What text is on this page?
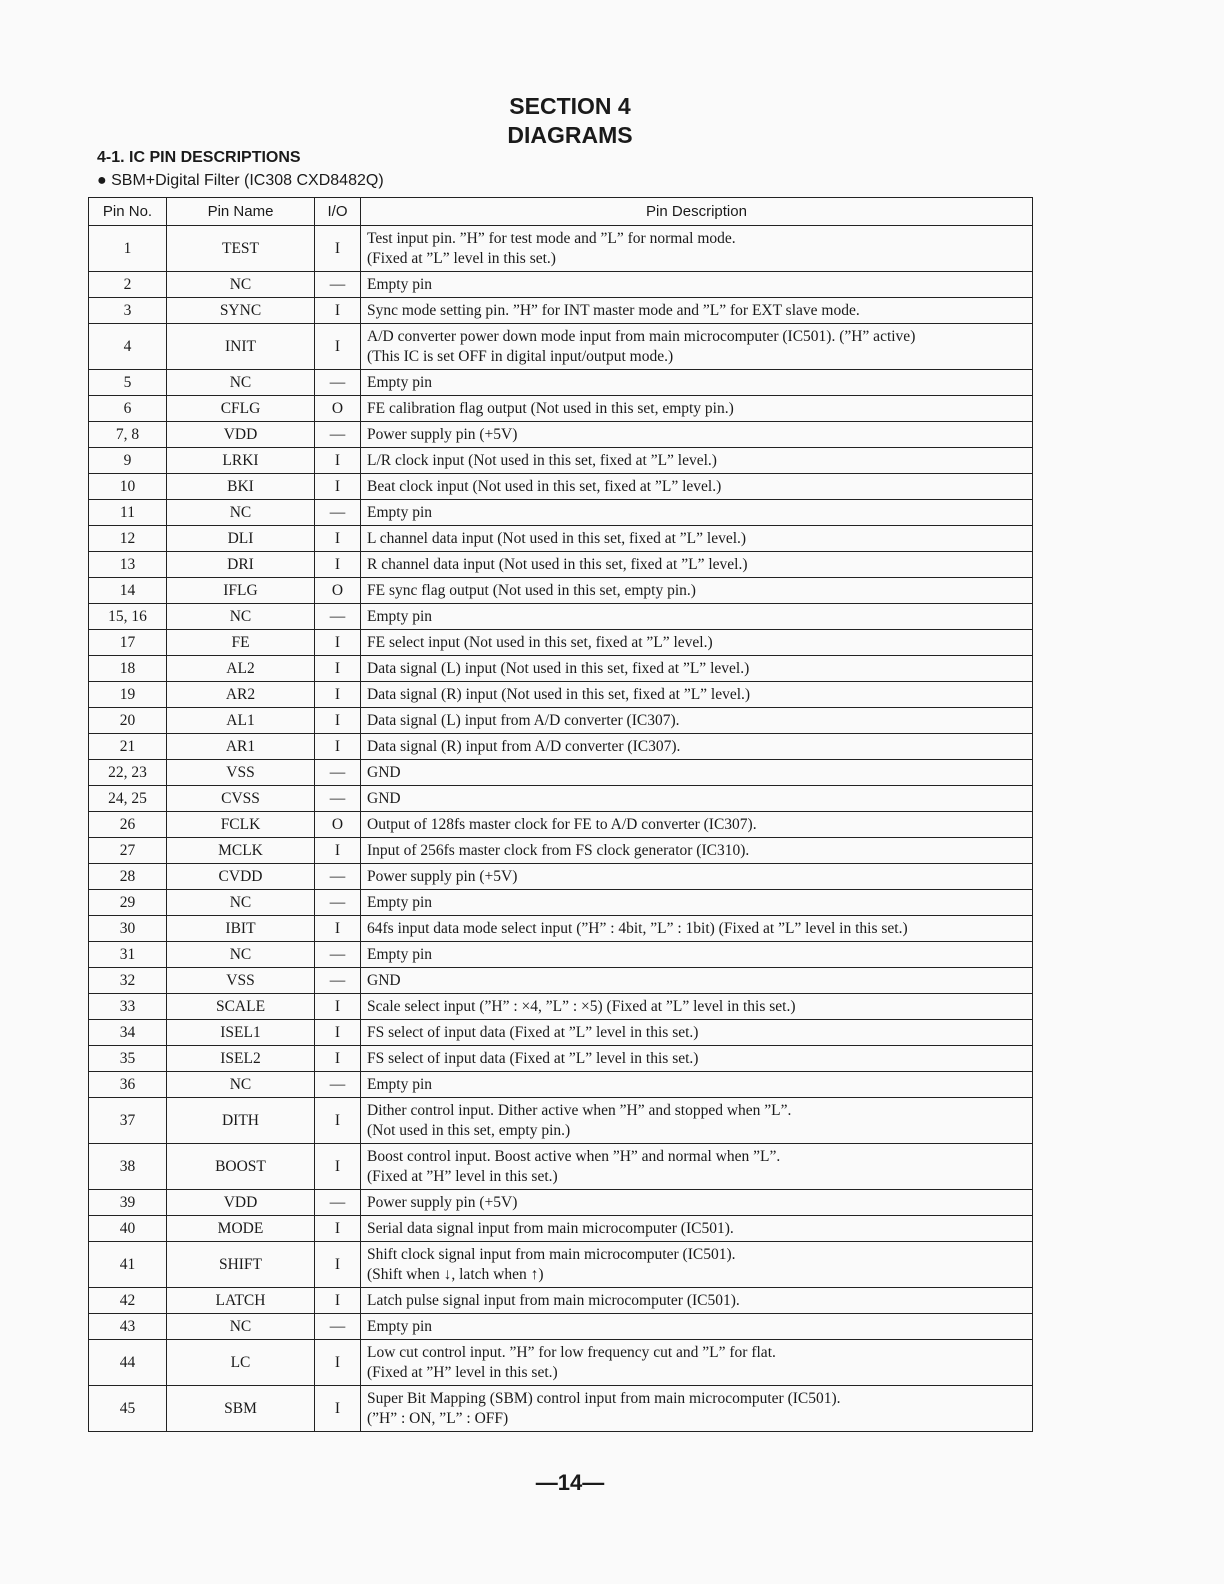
SECTION 4
DIAGRAMS
4-1. IC PIN DESCRIPTIONS
● SBM+Digital Filter (IC308 CXD8482Q)
Pin No.	Pin Name	I/O	Pin Description
1	TEST	I	Test input pin. ”H” for test mode and ”L” for normal mode.
(Fixed at ”L” level in this set.)

2	NC	—	Empty pin

3	SYNC	I	Sync mode setting pin. ”H” for INT master mode and ”L” for EXT slave mode.

4	INIT	I	A/D converter power down mode input from main microcomputer (IC501). (”H” active)
(This IC is set OFF in digital input/output mode.)

5	NC	—	Empty pin

6	CFLG	O	FE calibration flag output (Not used in this set, empty pin.)

7, 8	VDD	—	Power supply pin (+5V)

9	LRKI	I	L/R clock input (Not used in this set, fixed at ”L” level.)

10	BKI	I	Beat clock input (Not used in this set, fixed at ”L” level.)

11	NC	—	Empty pin

12	DLI	I	L channel data input (Not used in this set, fixed at ”L” level.)

13	DRI	I	R channel data input (Not used in this set, fixed at ”L” level.)

14	IFLG	O	FE sync flag output (Not used in this set, empty pin.)

15, 16	NC	—	Empty pin

17	FE	I	FE select input (Not used in this set, fixed at ”L” level.)

18	AL2	I	Data signal (L) input (Not used in this set, fixed at ”L” level.)

19	AR2	I	Data signal (R) input (Not used in this set, fixed at ”L” level.)

20	AL1	I	Data signal (L) input from A/D converter (IC307).

21	AR1	I	Data signal (R) input from A/D converter (IC307).

22, 23	VSS	—	GND

24, 25	CVSS	—	GND

26	FCLK	O	Output of 128fs master clock for FE to A/D converter (IC307).

27	MCLK	I	Input of 256fs master clock from FS clock generator (IC310).

28	CVDD	—	Power supply pin (+5V)

29	NC	—	Empty pin

30	IBIT	I	64fs input data mode select input (”H” : 4bit, ”L” : 1bit) (Fixed at ”L” level in this set.)

31	NC	—	Empty pin

32	VSS	—	GND

33	SCALE	I	Scale select input (”H” : ×4, ”L” : ×5) (Fixed at ”L” level in this set.)

34	ISEL1	I	FS select of input data (Fixed at ”L” level in this set.)

35	ISEL2	I	FS select of input data (Fixed at ”L” level in this set.)

36	NC	—	Empty pin

37	DITH	I	Dither control input. Dither active when ”H” and stopped when ”L”.
(Not used in this set, empty pin.)

38	BOOST	I	Boost control input. Boost active when ”H” and normal when ”L”.
(Fixed at ”H” level in this set.)

39	VDD	—	Power supply pin (+5V)

40	MODE	I	Serial data signal input from main microcomputer (IC501).

41	SHIFT	I	Shift clock signal input from main microcomputer (IC501).
(Shift when ↓, latch when ↑)

42	LATCH	I	Latch pulse signal input from main microcomputer (IC501).

43	NC	—	Empty pin

44	LC	I	Low cut control input. ”H” for low frequency cut and ”L” for flat.
(Fixed at ”H” level in this set.)

45	SBM	I	Super Bit Mapping (SBM) control input from main microcomputer (IC501).
(”H” : ON, ”L” : OFF)
—14—
